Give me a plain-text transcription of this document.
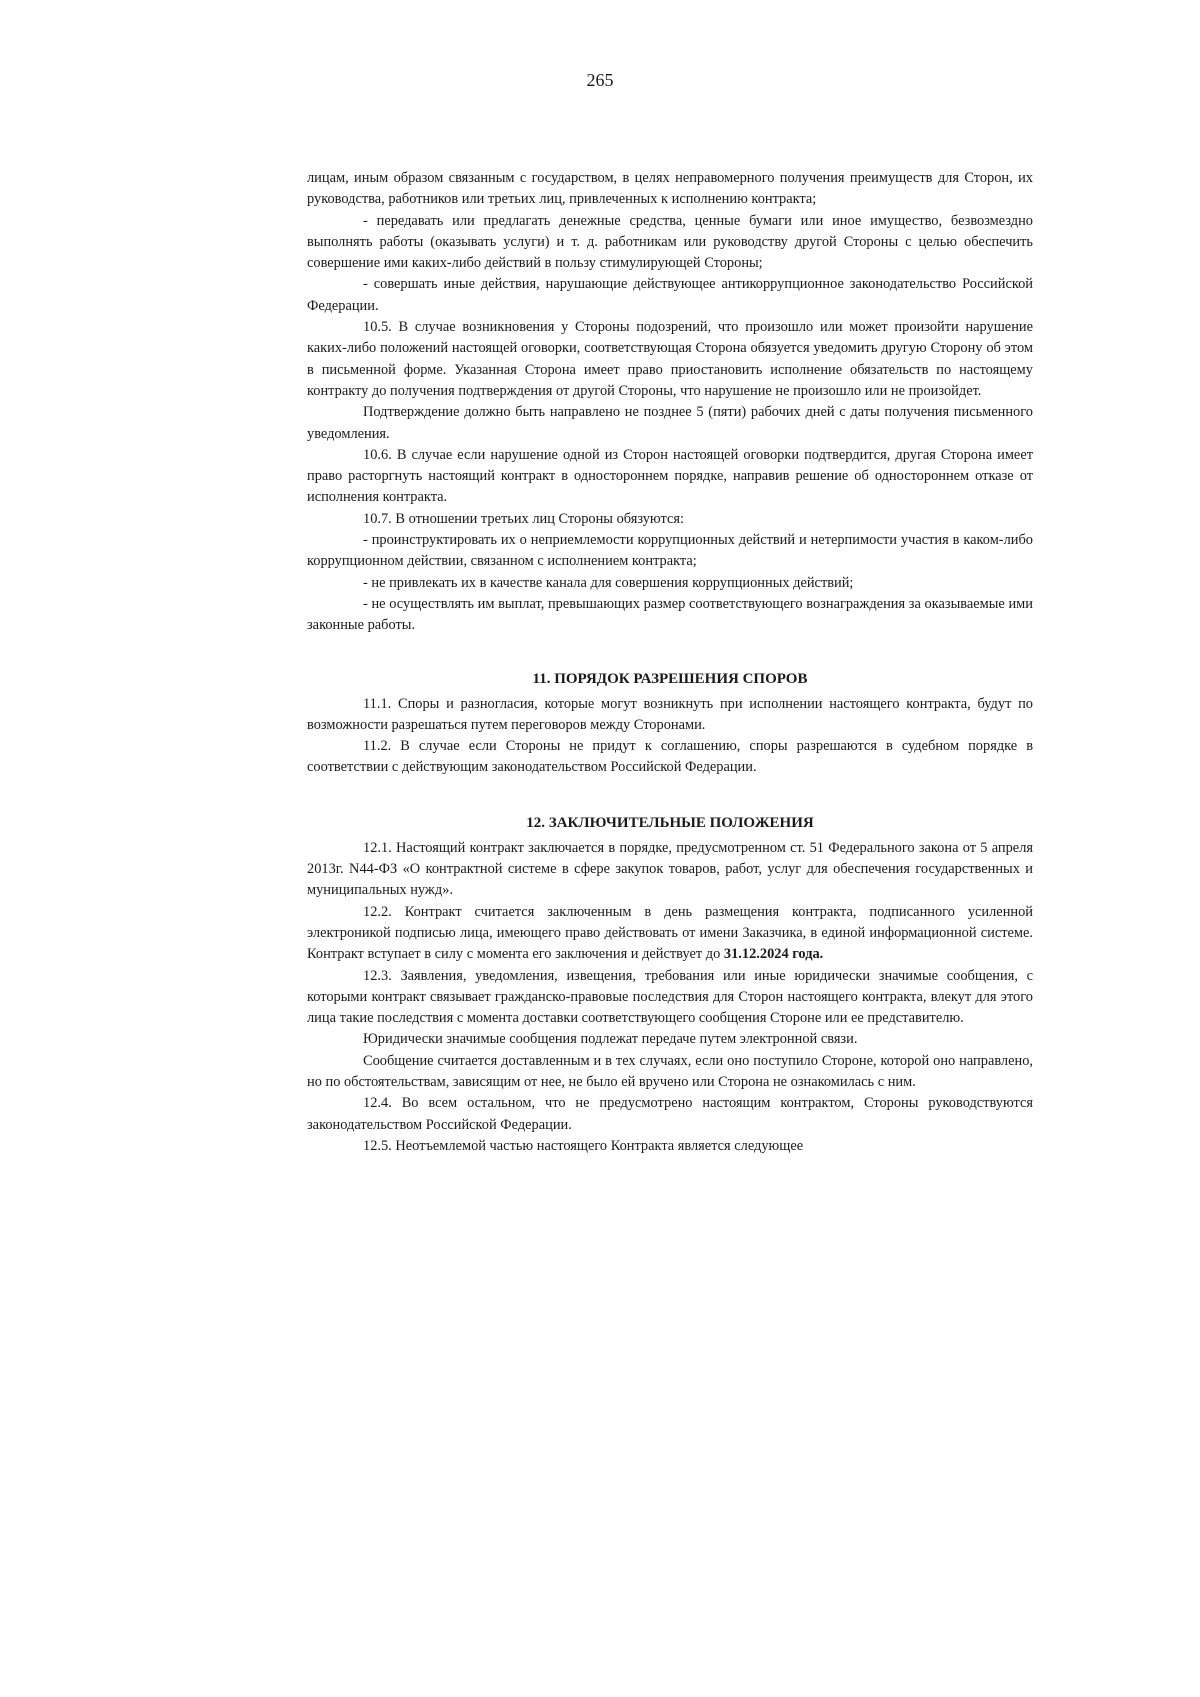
265

лицам, иным образом связанным с государством, в целях неправомерного получения преимуществ для Сторон, их руководства, работников или третьих лиц, привлеченных к исполнению контракта;

- передавать или предлагать денежные средства, ценные бумаги или иное имущество, безвозмездно выполнять работы (оказывать услуги) и т. д. работникам или руководству другой Стороны с целью обеспечить совершение ими каких-либо действий в пользу стимулирующей Стороны;

- совершать иные действия, нарушающие действующее антикоррупционное законодательство Российской Федерации.

10.5. В случае возникновения у Стороны подозрений, что произошло или может произойти нарушение каких-либо положений настоящей оговорки, соответствующая Сторона обязуется уведомить другую Сторону об этом в письменной форме. Указанная Сторона имеет право приостановить исполнение обязательств по настоящему контракту до получения подтверждения от другой Стороны, что нарушение не произошло или не произойдет.

Подтверждение должно быть направлено не позднее 5 (пяти) рабочих дней с даты получения письменного уведомления.

10.6. В случае если нарушение одной из Сторон настоящей оговорки подтвердится, другая Сторона имеет право расторгнуть настоящий контракт в одностороннем порядке, направив решение об одностороннем отказе от исполнения контракта.

10.7. В отношении третьих лиц Стороны обязуются:

- проинструктировать их о неприемлемости коррупционных действий и нетерпимости участия в каком-либо коррупционном действии, связанном с исполнением контракта;

- не привлекать их в качестве канала для совершения коррупционных действий;

- не осуществлять им выплат, превышающих размер соответствующего вознаграждения за оказываемые ими законные работы.

11. ПОРЯДОК РАЗРЕШЕНИЯ СПОРОВ

11.1. Споры и разногласия, которые могут возникнуть при исполнении настоящего контракта, будут по возможности разрешаться путем переговоров между Сторонами.

11.2. В случае если Стороны не придут к соглашению, споры разрешаются в судебном порядке в соответствии с действующим законодательством Российской Федерации.

12. ЗАКЛЮЧИТЕЛЬНЫЕ ПОЛОЖЕНИЯ

12.1. Настоящий контракт заключается в порядке, предусмотренном ст. 51 Федерального закона от 5 апреля 2013г. N44-ФЗ «О контрактной системе в сфере закупок товаров, работ, услуг для обеспечения государственных и муниципальных нужд».

12.2. Контракт считается заключенным в день размещения контракта, подписанного усиленной электроникой подписью лица, имеющего право действовать от имени Заказчика, в единой информационной системе. Контракт вступает в силу с момента его заключения и действует до 31.12.2024 года.

12.3. Заявления, уведомления, извещения, требования или иные юридически значимые сообщения, с которыми контракт связывает гражданско-правовые последствия для Сторон настоящего контракта, влекут для этого лица такие последствия с момента доставки соответствующего сообщения Стороне или ее представителю.

Юридически значимые сообщения подлежат передаче путем электронной связи.

Сообщение считается доставленным и в тех случаях, если оно поступило Стороне, которой оно направлено, но по обстоятельствам, зависящим от нее, не было ей вручено или Сторона не ознакомилась с ним.

12.4. Во всем остальном, что не предусмотрено настоящим контрактом, Стороны руководствуются законодательством Российской Федерации.

12.5. Неотъемлемой частью настоящего Контракта является следующее
